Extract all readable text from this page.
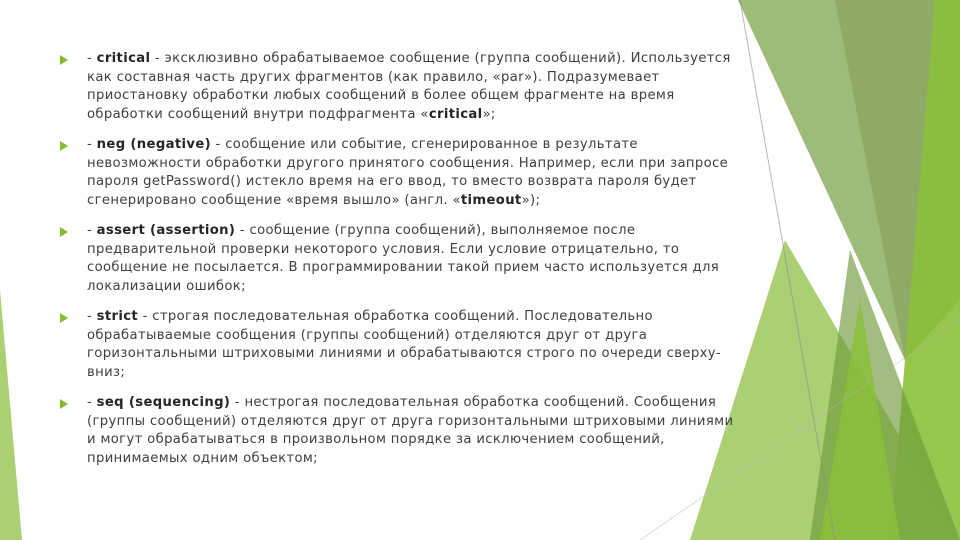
- critical - эксклюзивно обрабатываемое сообщение (группа сообщений). Используется как составная часть других фрагментов (как правило, «par»). Подразумевает приостановку обработки любых сообщений в более общем фрагменте на время обработки сообщений внутри подфрагмента «critical»;
- neg (negative) - сообщение или событие, сгенерированное в результате невозможности обработки другого принятого сообщения. Например, если при запросе пароля getPassword() истекло время на его ввод, то вместо возврата пароля будет сгенерировано сообщение «время вышло» (англ. «timeout»);
- assert (assertion) - сообщение (группа сообщений), выполняемое после предварительной проверки некоторого условия. Если условие отрицательно, то сообщение не посылается. В программировании такой прием часто используется для локализации ошибок;
- strict - строгая последовательная обработка сообщений. Последовательно обрабатываемые сообщения (группы сообщений) отделяются друг от друга горизонтальными штриховыми линиями и обрабатываются строго по очереди сверху-вниз;
- seq (sequencing) - нестрогая последовательная обработка сообщений. Сообщения (группы сообщений) отделяются друг от друга горизонтальными штриховыми линиями и могут обрабатываться в произвольном порядке за исключением сообщений, принимаемых одним объектом;
